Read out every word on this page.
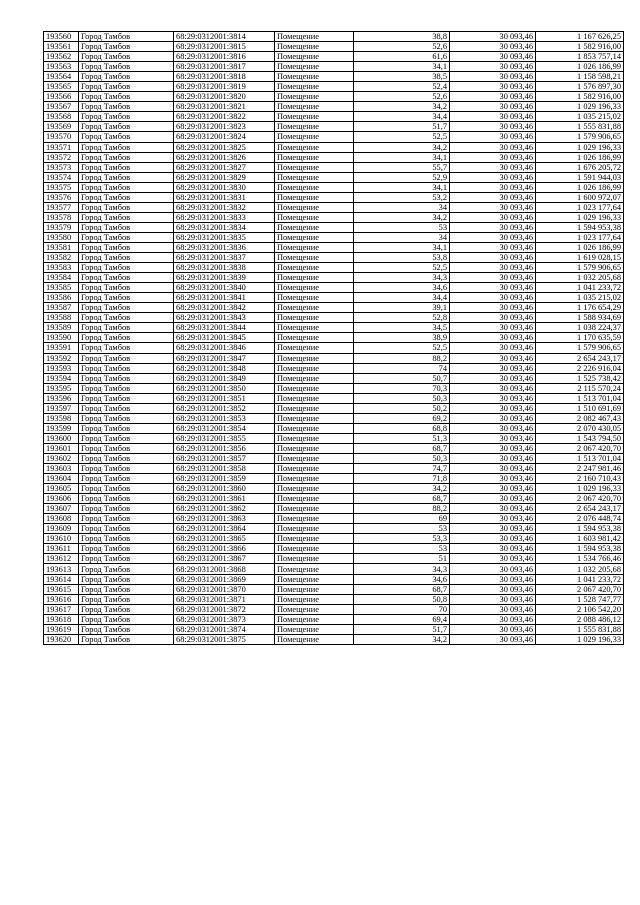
193560	Город Тамбов	68:29:0312001:3814	Помещение	38,8	30 093,46	1 167 626,25
193561	Город Тамбов	68:29:0312001:3815	Помещение	52,6	30 093,46	1 582 916,00
193562	Город Тамбов	68:29:0312001:3816	Помещение	61,6	30 093,46	1 853 757,14
193563	Город Тамбов	68:29:0312001:3817	Помещение	34,1	30 093,46	1 026 186,99
193564	Город Тамбов	68:29:0312001:3818	Помещение	38,5	30 093,46	1 158 598,21
193565	Город Тамбов	68:29:0312001:3819	Помещение	52,4	30 093,46	1 576 897,30
193566	Город Тамбов	68:29:0312001:3820	Помещение	52,6	30 093,46	1 582 916,00
193567	Город Тамбов	68:29:0312001:3821	Помещение	34,2	30 093,46	1 029 196,33
193568	Город Тамбов	68:29:0312001:3822	Помещение	34,4	30 093,46	1 035 215,02
193569	Город Тамбов	68:29:0312001:3823	Помещение	51,7	30 093,46	1 555 831,88
193570	Город Тамбов	68:29:0312001:3824	Помещение	52,5	30 093,46	1 579 906,65
193571	Город Тамбов	68:29:0312001:3825	Помещение	34,2	30 093,46	1 029 196,33
193572	Город Тамбов	68:29:0312001:3826	Помещение	34,1	30 093,46	1 026 186,99
193573	Город Тамбов	68:29:0312001:3827	Помещение	55,7	30 093,46	1 676 205,72
193574	Город Тамбов	68:29:0312001:3829	Помещение	52,9	30 093,46	1 591 944,03
193575	Город Тамбов	68:29:0312001:3830	Помещение	34,1	30 093,46	1 026 186,99
193576	Город Тамбов	68:29:0312001:3831	Помещение	53,2	30 093,46	1 600 972,07
193577	Город Тамбов	68:29:0312001:3832	Помещение	34	30 093,46	1 023 177,64
193578	Город Тамбов	68:29:0312001:3833	Помещение	34,2	30 093,46	1 029 196,33
193579	Город Тамбов	68:29:0312001:3834	Помещение	53	30 093,46	1 594 953,38
193580	Город Тамбов	68:29:0312001:3835	Помещение	34	30 093,46	1 023 177,64
193581	Город Тамбов	68:29:0312001:3836	Помещение	34,1	30 093,46	1 026 186,99
193582	Город Тамбов	68:29:0312001:3837	Помещение	53,8	30 093,46	1 619 028,15
193583	Город Тамбов	68:29:0312001:3838	Помещение	52,5	30 093,46	1 579 906,65
193584	Город Тамбов	68:29:0312001:3839	Помещение	34,3	30 093,46	1 032 205,68
193585	Город Тамбов	68:29:0312001:3840	Помещение	34,6	30 093,46	1 041 233,72
193586	Город Тамбов	68:29:0312001:3841	Помещение	34,4	30 093,46	1 035 215,02
193587	Город Тамбов	68:29:0312001:3842	Помещение	39,1	30 093,46	1 176 654,29
193588	Город Тамбов	68:29:0312001:3843	Помещение	52,8	30 093,46	1 588 934,69
193589	Город Тамбов	68:29:0312001:3844	Помещение	34,5	30 093,46	1 038 224,37
193590	Город Тамбов	68:29:0312001:3845	Помещение	38,9	30 093,46	1 170 635,59
193591	Город Тамбов	68:29:0312001:3846	Помещение	52,5	30 093,46	1 579 906,65
193592	Город Тамбов	68:29:0312001:3847	Помещение	88,2	30 093,46	2 654 243,17
193593	Город Тамбов	68:29:0312001:3848	Помещение	74	30 093,46	2 226 916,04
193594	Город Тамбов	68:29:0312001:3849	Помещение	50,7	30 093,46	1 525 738,42
193595	Город Тамбов	68:29:0312001:3850	Помещение	70,3	30 093,46	2 115 570,24
193596	Город Тамбов	68:29:0312001:3851	Помещение	50,3	30 093,46	1 513 701,04
193597	Город Тамбов	68:29:0312001:3852	Помещение	50,2	30 093,46	1 510 691,69
193598	Город Тамбов	68:29:0312001:3853	Помещение	69,2	30 093,46	2 082 467,43
193599	Город Тамбов	68:29:0312001:3854	Помещение	68,8	30 093,46	2 070 430,05
193600	Город Тамбов	68:29:0312001:3855	Помещение	51,3	30 093,46	1 543 794,50
193601	Город Тамбов	68:29:0312001:3856	Помещение	68,7	30 093,46	2 067 420,70
193602	Город Тамбов	68:29:0312001:3857	Помещение	50,3	30 093,46	1 513 701,04
193603	Город Тамбов	68:29:0312001:3858	Помещение	74,7	30 093,46	2 247 981,46
193604	Город Тамбов	68:29:0312001:3859	Помещение	71,8	30 093,46	2 160 710,43
193605	Город Тамбов	68:29:0312001:3860	Помещение	34,2	30 093,46	1 029 196,33
193606	Город Тамбов	68:29:0312001:3861	Помещение	68,7	30 093,46	2 067 420,70
193607	Город Тамбов	68:29:0312001:3862	Помещение	88,2	30 093,46	2 654 243,17
193608	Город Тамбов	68:29:0312001:3863	Помещение	69	30 093,46	2 076 448,74
193609	Город Тамбов	68:29:0312001:3864	Помещение	53	30 093,46	1 594 953,38
193610	Город Тамбов	68:29:0312001:3865	Помещение	53,3	30 093,46	1 603 981,42
193611	Город Тамбов	68:29:0312001:3866	Помещение	53	30 093,46	1 594 953,38
193612	Город Тамбов	68:29:0312001:3867	Помещение	51	30 093,46	1 534 766,46
193613	Город Тамбов	68:29:0312001:3868	Помещение	34,3	30 093,46	1 032 205,68
193614	Город Тамбов	68:29:0312001:3869	Помещение	34,6	30 093,46	1 041 233,72
193615	Город Тамбов	68:29:0312001:3870	Помещение	68,7	30 093,46	2 067 420,70
193616	Город Тамбов	68:29:0312001:3871	Помещение	50,8	30 093,46	1 528 747,77
193617	Город Тамбов	68:29:0312001:3872	Помещение	70	30 093,46	2 106 542,20
193618	Город Тамбов	68:29:0312001:3873	Помещение	69,4	30 093,46	2 088 486,12
193619	Город Тамбов	68:29:0312001:3874	Помещение	51,7	30 093,46	1 555 831,88
193620	Город Тамбов	68:29:0312001:3875	Помещение	34,2	30 093,46	1 029 196,33
